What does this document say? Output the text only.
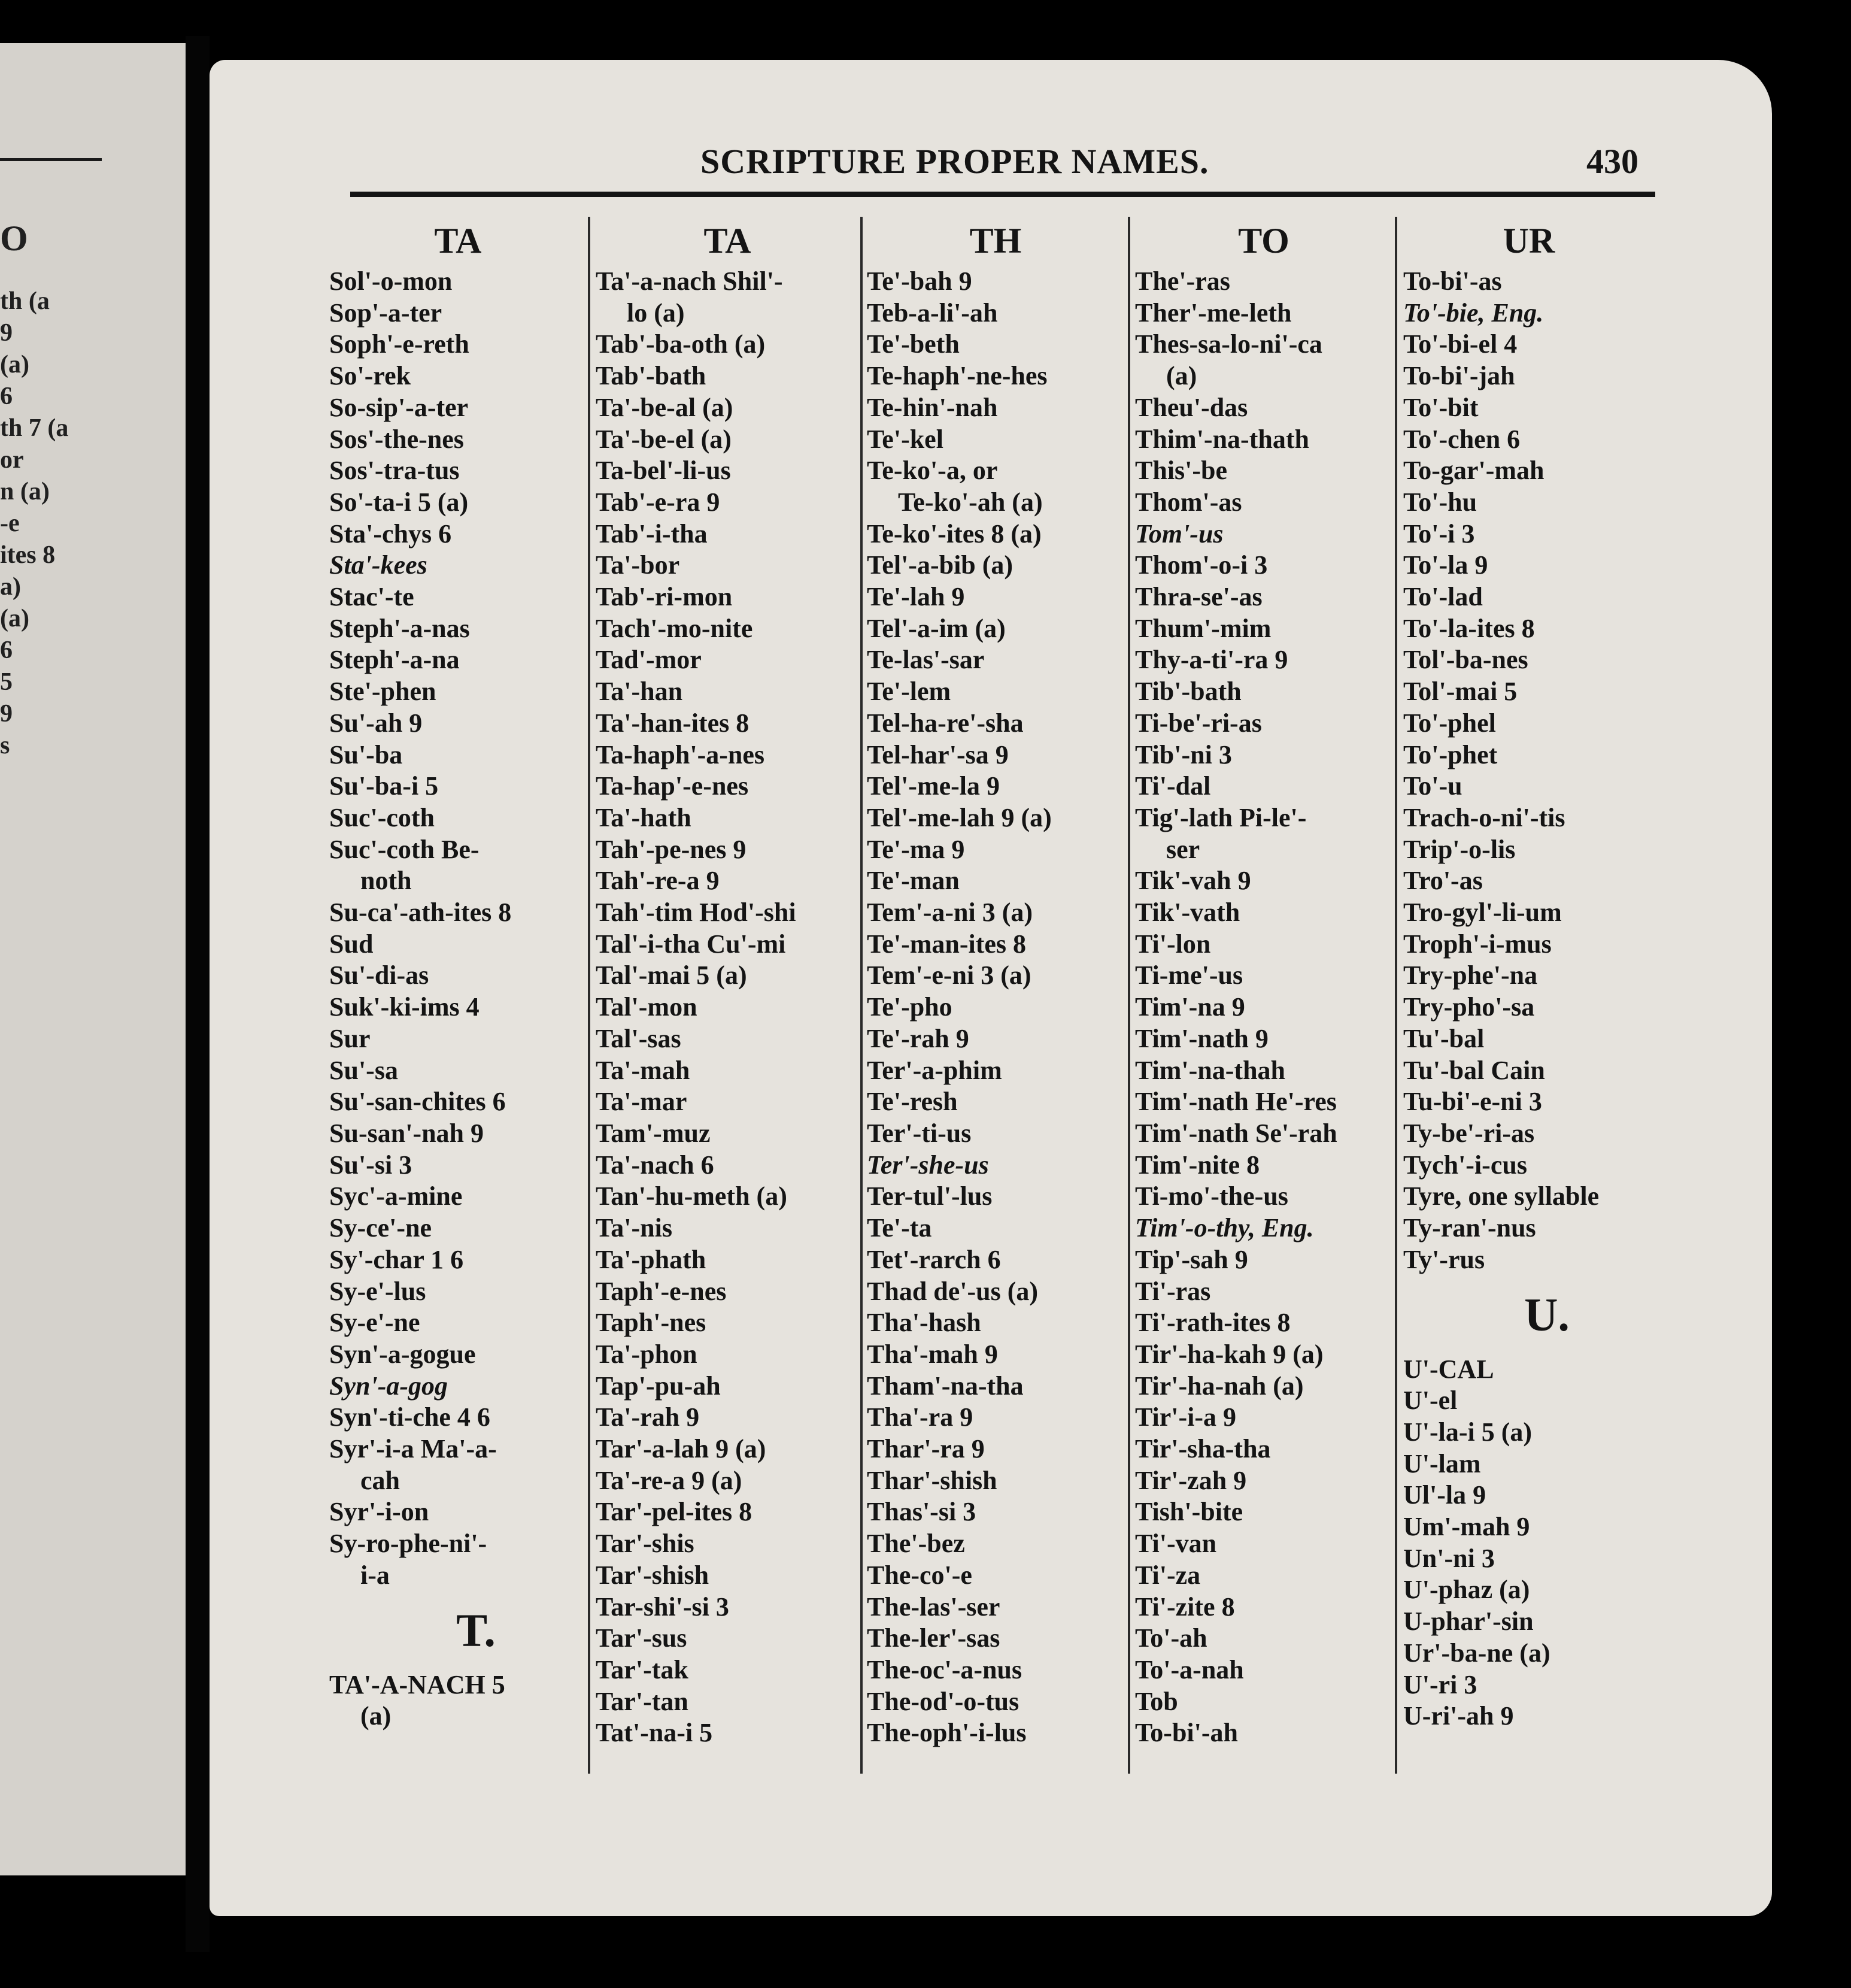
O
th (a
9
(a)
6
th 7 (a
or
n (a)
-e
ites 8
a)
(a)
6
5
9
s
SCRIPTURE PROPER NAMES.	430
TA
Sol'-o-mon
Sop'-a-ter
Soph'-e-reth
So'-rek
So-sip'-a-ter
Sos'-the-nes
Sos'-tra-tus
So'-ta-i 5 (a)
Sta'-chys 6
Sta'-kees
Stac'-te
Steph'-a-nas
Steph'-a-na
Ste'-phen
Su'-ah 9
Su'-ba
Su'-ba-i 5
Suc'-coth
Suc'-coth Be-
noth
Su-ca'-ath-ites 8
Sud
Su'-di-as
Suk'-ki-ims 4
Sur
Su'-sa
Su'-san-chites 6
Su-san'-nah 9
Su'-si 3
Syc'-a-mine
Sy-ce'-ne
Sy'-char 1 6
Sy-e'-lus
Sy-e'-ne
Syn'-a-gogue
Syn'-a-gog
Syn'-ti-che 4 6
Syr'-i-a Ma'-a-
cah
Syr'-i-on
Sy-ro-phe-ni'-
i-a
T.
TA'-A-NACH 5
(a)
TA
Ta'-a-nach Shil'-
lo (a)
Tab'-ba-oth (a)
Tab'-bath
Ta'-be-al (a)
Ta'-be-el (a)
Ta-bel'-li-us
Tab'-e-ra 9
Tab'-i-tha
Ta'-bor
Tab'-ri-mon
Tach'-mo-nite
Tad'-mor
Ta'-han
Ta'-han-ites 8
Ta-haph'-a-nes
Ta-hap'-e-nes
Ta'-hath
Tah'-pe-nes 9
Tah'-re-a 9
Tah'-tim Hod'-shi
Tal'-i-tha Cu'-mi
Tal'-mai 5 (a)
Tal'-mon
Tal'-sas
Ta'-mah
Ta'-mar
Tam'-muz
Ta'-nach 6
Tan'-hu-meth (a)
Ta'-nis
Ta'-phath
Taph'-e-nes
Taph'-nes
Ta'-phon
Tap'-pu-ah
Ta'-rah 9
Tar'-a-lah 9 (a)
Ta'-re-a 9 (a)
Tar'-pel-ites 8
Tar'-shis
Tar'-shish
Tar-shi'-si 3
Tar'-sus
Tar'-tak
Tar'-tan
Tat'-na-i 5
TH
Te'-bah 9
Teb-a-li'-ah
Te'-beth
Te-haph'-ne-hes
Te-hin'-nah
Te'-kel
Te-ko'-a, or
Te-ko'-ah (a)
Te-ko'-ites 8 (a)
Tel'-a-bib (a)
Te'-lah 9
Tel'-a-im (a)
Te-las'-sar
Te'-lem
Tel-ha-re'-sha
Tel-har'-sa 9
Tel'-me-la 9
Tel'-me-lah 9 (a)
Te'-ma 9
Te'-man
Tem'-a-ni 3 (a)
Te'-man-ites 8
Tem'-e-ni 3 (a)
Te'-pho
Te'-rah 9
Ter'-a-phim
Te'-resh
Ter'-ti-us
Ter'-she-us
Ter-tul'-lus
Te'-ta
Tet'-rarch 6
Thad de'-us (a)
Tha'-hash
Tha'-mah 9
Tham'-na-tha
Tha'-ra 9
Thar'-ra 9
Thar'-shish
Thas'-si 3
The'-bez
The-co'-e
The-las'-ser
The-ler'-sas
The-oc'-a-nus
The-od'-o-tus
The-oph'-i-lus
TO
The'-ras
Ther'-me-leth
Thes-sa-lo-ni'-ca
(a)
Theu'-das
Thim'-na-thath
This'-be
Thom'-as
Tom'-us
Thom'-o-i 3
Thra-se'-as
Thum'-mim
Thy-a-ti'-ra 9
Tib'-bath
Ti-be'-ri-as
Tib'-ni 3
Ti'-dal
Tig'-lath Pi-le'-
ser
Tik'-vah 9
Tik'-vath
Ti'-lon
Ti-me'-us
Tim'-na 9
Tim'-nath 9
Tim'-na-thah
Tim'-nath He'-res
Tim'-nath Se'-rah
Tim'-nite 8
Ti-mo'-the-us
Tim'-o-thy, Eng.
Tip'-sah 9
Ti'-ras
Ti'-rath-ites 8
Tir'-ha-kah 9 (a)
Tir'-ha-nah (a)
Tir'-i-a 9
Tir'-sha-tha
Tir'-zah 9
Tish'-bite
Ti'-van
Ti'-za
Ti'-zite 8
To'-ah
To'-a-nah
Tob
To-bi'-ah
UR
To-bi'-as
To'-bie, Eng.
To'-bi-el 4
To-bi'-jah
To'-bit
To'-chen 6
To-gar'-mah
To'-hu
To'-i 3
To'-la 9
To'-lad
To'-la-ites 8
Tol'-ba-nes
Tol'-mai 5
To'-phel
To'-phet
To'-u
Trach-o-ni'-tis
Trip'-o-lis
Tro'-as
Tro-gyl'-li-um
Troph'-i-mus
Try-phe'-na
Try-pho'-sa
Tu'-bal
Tu'-bal Cain
Tu-bi'-e-ni 3
Ty-be'-ri-as
Tych'-i-cus
Tyre, one syllable
Ty-ran'-nus
Ty'-rus
U.
U'-CAL
U'-el
U'-la-i 5 (a)
U'-lam
Ul'-la 9
Um'-mah 9
Un'-ni 3
U'-phaz (a)
U-phar'-sin
Ur'-ba-ne (a)
U'-ri 3
U-ri'-ah 9
